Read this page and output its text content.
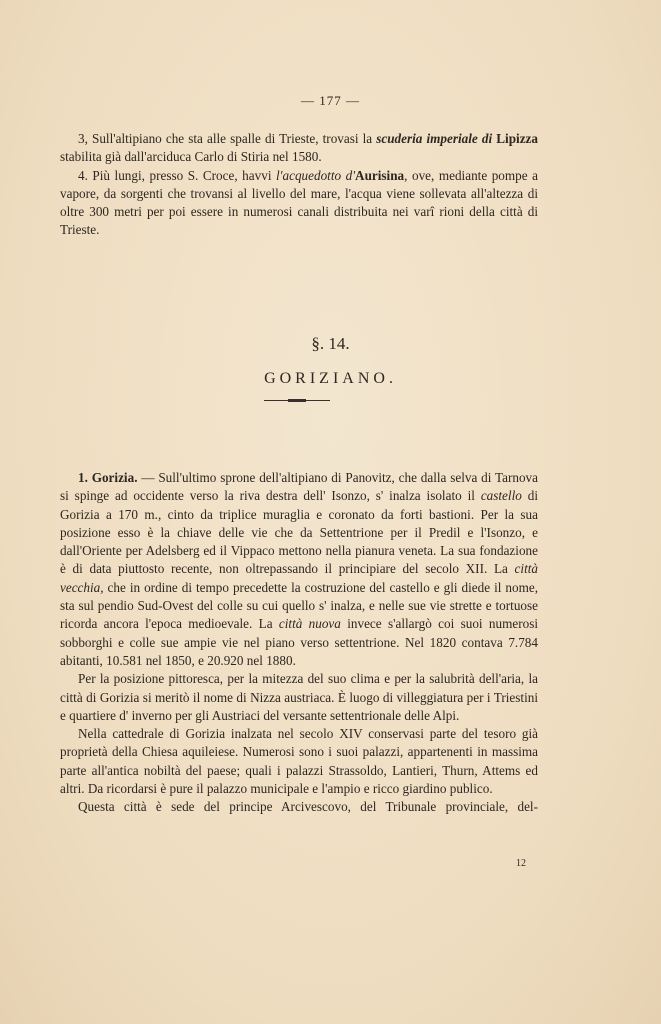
— 177 —

3, Sull'altipiano che sta alle spalle di Trieste, trovasi la scuderia imperiale di Lipizza stabilita già dall'arciduca Carlo di Stiria nel 1580.

4. Più lungi, presso S. Croce, havvi l'acquedotto d'Aurisina, ove, mediante pompe a vapore, da sorgenti che trovansi al livello del mare, l'acqua viene sollevata all'altezza di oltre 300 metri per poi essere in numerosi canali distribuita nei varî rioni della città di Trieste.

§. 14.
GORIZIANO.

1. Gorizia. — Sull'ultimo sprone dell'altipiano di Panovitz, che dalla selva di Tarnova si spinge ad occidente verso la riva destra dell' Isonzo, s' inalza isolato il castello di Gorizia a 170 m., cinto da triplice muraglia e coronato da forti bastioni. Per la sua posizione esso è la chiave delle vie che da Settentrione per il Predil e l'Isonzo, e dall'Oriente per Adelsberg ed il Vippaco mettono nella pianura veneta. La sua fondazione è di data piuttosto recente, non oltrepassando il principiare del secolo XII. La città vecchia, che in ordine di tempo precedette la costruzione del castello e gli diede il nome, sta sul pendio Sud-Ovest del colle su cui quello s' inalza, e nelle sue vie strette e tortuose ricorda ancora l'epoca medioevale. La città nuova invece s'allargò coi suoi numerosi sobborghi e colle sue ampie vie nel piano verso settentrione. Nel 1820 contava 7.784 abitanti, 10.581 nel 1850, e 20.920 nel 1880.

Per la posizione pittoresca, per la mitezza del suo clima e per la salubrità dell'aria, la città di Gorizia si meritò il nome di Nizza austriaca. È luogo di villeggiatura per i Triestini e quartiere d' inverno per gli Austriaci del versante settentrionale delle Alpi.

Nella cattedrale di Gorizia inalzata nel secolo XIV conservasi parte del tesoro già proprietà della Chiesa aquileiese. Numerosi sono i suoi palazzi, appartenenti in massima parte all'antica nobiltà del paese; quali i palazzi Strassoldo, Lantieri, Thurn, Attems ed altri. Da ricordarsi è pure il palazzo municipale e l'ampio e ricco giardino publico.

Questa città è sede del principe Arcivescovo, del Tribunale provinciale, del-

12
